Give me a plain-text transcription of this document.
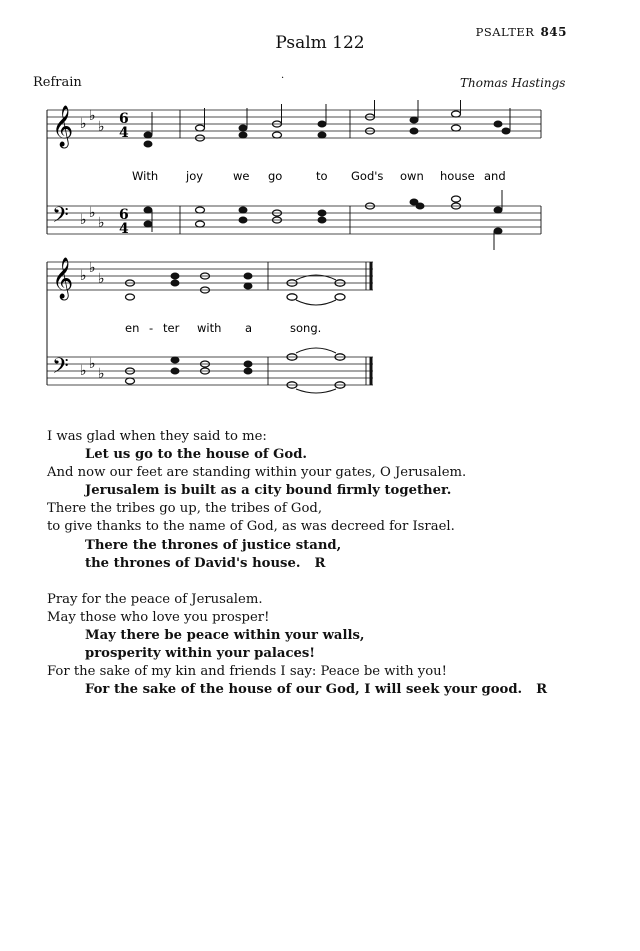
PSALTER 845
Psalm 122
Refrain	·	Thomas Hastings
𝄞
𝄢
♭ ♭
♭
♭ ♭
♭
6
4
6
4
With joy	we go	to God's own house and
𝄞
𝄢
♭ ♭
♭
♭ ♭
♭
en - ter with a	song.
I was glad when they said to me:
Let us go to the house of God.
And now our feet are standing within your gates, O Jerusalem.
Jerusalem is built as a city bound firmly together.
There the tribes go up, the tribes of God,
to give thanks to the name of God, as was decreed for Israel.
There the thrones of justice stand,
the thrones of David's house. R
Pray for the peace of Jerusalem.
May those who love you prosper!
May there be peace within your walls,
prosperity within your palaces!
For the sake of my kin and friends I say: Peace be with you!
For the sake of the house of our God, I will seek your good. R
